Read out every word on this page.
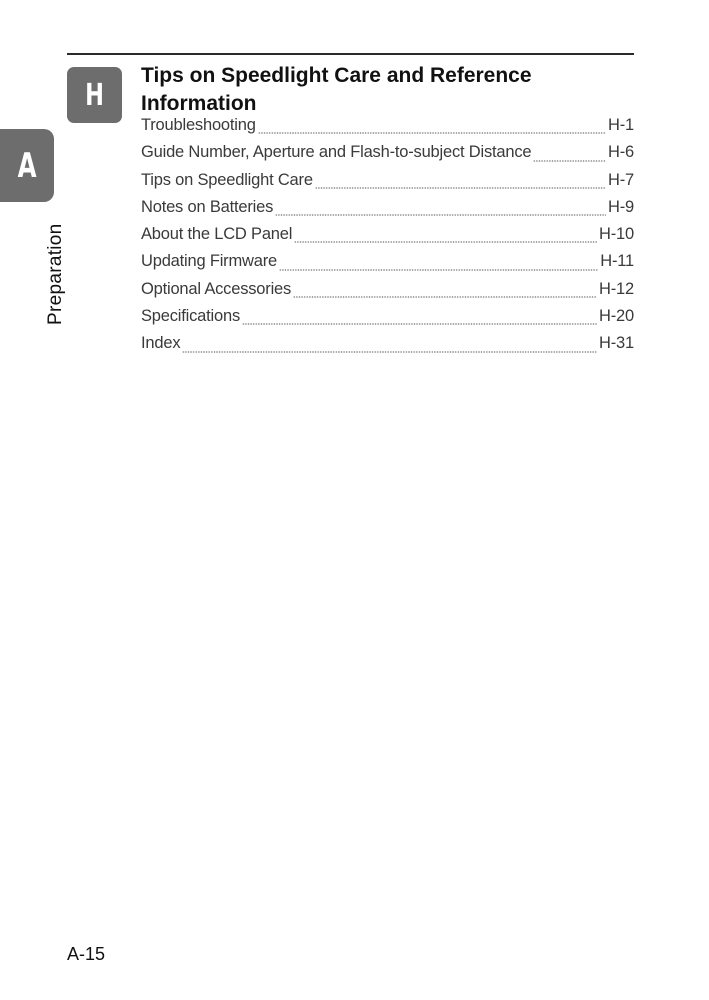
A
Preparation
H
Tips on Speedlight Care and Reference Information
Troubleshooting	H-1
Guide Number, Aperture and Flash-to-subject Distance	H-6
Tips on Speedlight Care	H-7
Notes on Batteries	H-9
About the LCD Panel	H-10
Updating Firmware	H-11
Optional Accessories	H-12
Specifications	H-20
Index	H-31
A-15
